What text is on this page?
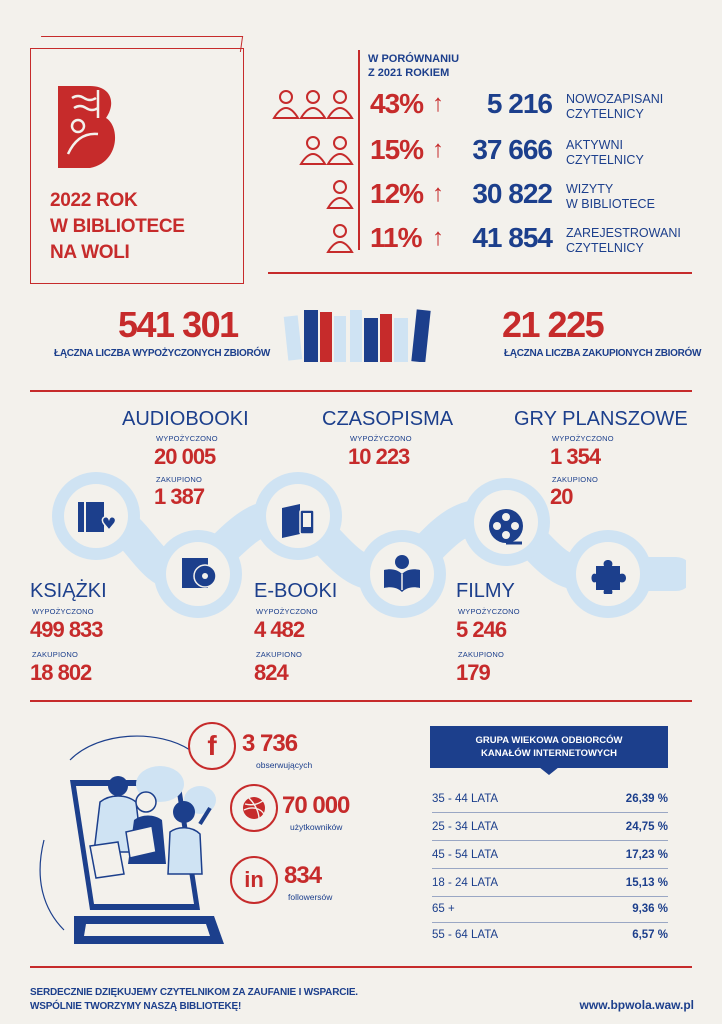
2022 ROK
W BIBLIOTECE
NA WOLI
W PORÓWNANIU
Z 2021 ROKIEM
43% ↑	5 216 NOWOZAPISANI
CZYTELNICY
15% ↑ 37 666 AKTYWNI
CZYTELNICY
12% ↑ 30 822 WIZYTY
W BIBLIOTECE
11% ↑ 41 854 ZAREJESTROWANI
CZYTELNICY
541 301
ŁĄCZNA LICZBA WYPOŻYCZONYCH ZBIORÓW
21 225
ŁĄCZNA LICZBA ZAKUPIONYCH ZBIORÓW
AUDIOBOOKI
WYPOŻYCZONO
20 005
ZAKUPIONO
1 387
CZASOPISMA
WYPOŻYCZONO
10 223
GRY PLANSZOWE
WYPOŻYCZONO
1 354
ZAKUPIONO
20
KSIĄŻKI
WYPOŻYCZONO
499 833
ZAKUPIONO
18 802
E-BOOKI
WYPOŻYCZONO
4 482
ZAKUPIONO
824
FILMY
WYPOŻYCZONO
5 246
ZAKUPIONO
179
f 3 736
obserwujących
70 000
użytkowników
in 834
followersów
GRUPA WIEKOWA ODBIORCÓW
KANAŁÓW INTERNETOWYCH
35 - 44 LATA	26,39 %
25 - 34 LATA	24,75 %
45 - 54 LATA	17,23 %
18 - 24 LATA	15,13 %
65 +	9,36 %
55 - 64 LATA	6,57 %
SERDECZNIE DZIĘKUJEMY CZYTELNIKOM ZA ZAUFANIE I WSPARCIE.
WSPÓLNIE TWORZYMY NASZĄ BIBLIOTEKĘ!	www.bpwola.waw.pl
